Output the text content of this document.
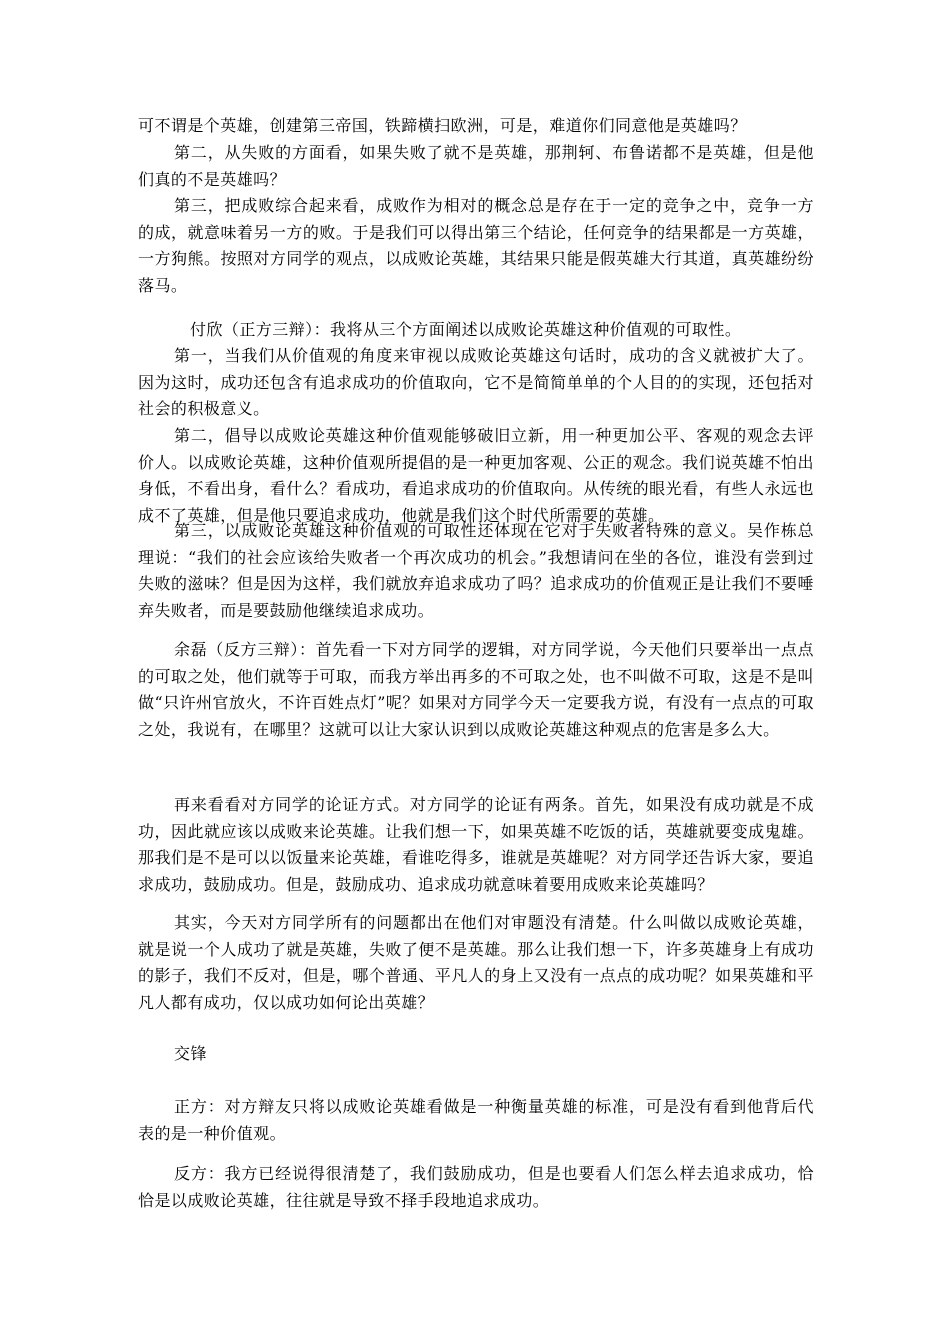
可不谓是个英雄，创建第三帝国，铁蹄横扫欧洲，可是，难道你们同意他是英雄吗？
第二，从失败的方面看，如果失败了就不是英雄，那荆轲、布鲁诺都不是英雄，但是他们真的不是英雄吗？
第三，把成败综合起来看，成败作为相对的概念总是存在于一定的竞争之中，竞争一方的成，就意味着另一方的败。于是我们可以得出第三个结论，任何竞争的结果都是一方英雄，一方狗熊。按照对方同学的观点，以成败论英雄，其结果只能是假英雄大行其道，真英雄纷纷落马。
付欣（正方三辩）：我将从三个方面阐述以成败论英雄这种价值观的可取性。
第一，当我们从价值观的角度来审视以成败论英雄这句话时，成功的含义就被扩大了。因为这时，成功还包含有追求成功的价值取向，它不是简简单单的个人目的的实现，还包括对社会的积极意义。
第二，倡导以成败论英雄这种价值观能够破旧立新，用一种更加公平、客观的观念去评价人。以成败论英雄，这种价值观所提倡的是一种更加客观、公正的观念。我们说英雄不怕出身低，不看出身，看什么？看成功，看追求成功的价值取向。从传统的眼光看，有些人永远也成不了英雄，但是他只要追求成功，他就是我们这个时代所需要的英雄。
第三，以成败论英雄这种价值观的可取性还体现在它对于失败者特殊的意义。吴作栋总理说：“我们的社会应该给失败者一个再次成功的机会。”我想请问在坐的各位，谁没有尝到过失败的滋味？但是因为这样，我们就放弃追求成功了吗？追求成功的价值观正是让我们不要唾弃失败者，而是要鼓励他继续追求成功。
余磊（反方三辩）：首先看一下对方同学的逻辑，对方同学说，今天他们只要举出一点点的可取之处，他们就等于可取，而我方举出再多的不可取之处，也不叫做不可取，这是不是叫做“只许州官放火，不许百姓点灯”呢？如果对方同学今天一定要我方说，有没有一点点的可取之处，我说有，在哪里？这就可以让大家认识到以成败论英雄这种观点的危害是多么大。
再来看看对方同学的论证方式。对方同学的论证有两条。首先，如果没有成功就是不成功，因此就应该以成败来论英雄。让我们想一下，如果英雄不吃饭的话，英雄就要变成鬼雄。那我们是不是可以以饭量来论英雄，看谁吃得多，谁就是英雄呢？对方同学还告诉大家，要追求成功，鼓励成功。但是，鼓励成功、追求成功就意味着要用成败来论英雄吗？
其实，今天对方同学所有的问题都出在他们对审题没有清楚。什么叫做以成败论英雄，就是说一个人成功了就是英雄，失败了便不是英雄。那么让我们想一下，许多英雄身上有成功的影子，我们不反对，但是，哪个普通、平凡人的身上又没有一点点的成功呢？如果英雄和平凡人都有成功，仅以成功如何论出英雄？
交锋
正方：对方辩友只将以成败论英雄看做是一种衡量英雄的标准，可是没有看到他背后代表的是一种价值观。
反方：我方已经说得很清楚了，我们鼓励成功，但是也要看人们怎么样去追求成功，恰恰是以成败论英雄，往往就是导致不择手段地追求成功。
